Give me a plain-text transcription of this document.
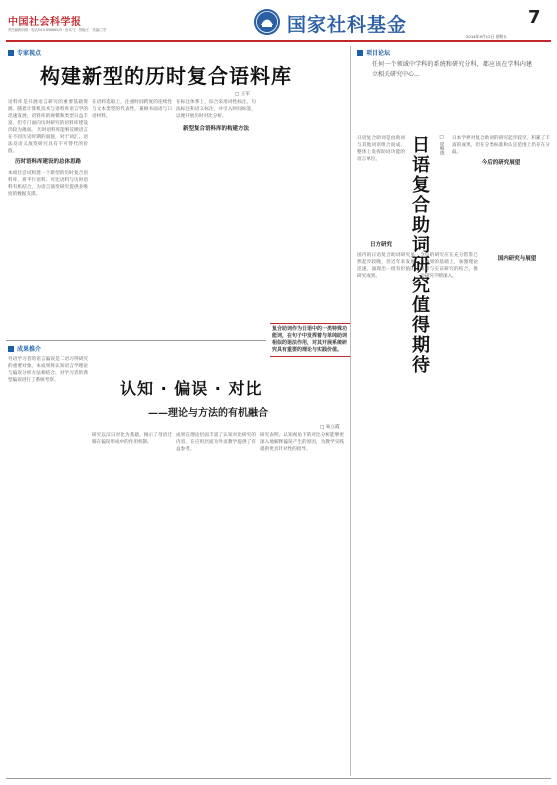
中国社会科学报
责任编辑/闫琪 · 电话/010-85886525 · 校对/王 · 排版/王 · 美编/兰亭	国家社科基金	7
2014年9月12日 星期五
专家视点
构建新型的历时复合语料库
□ 王军
语料库是开展语言研究的重要基础资源。随着计算机技术与语料库语言学的迅速发展，语料库的规模和类型日益丰富，但专门面向历时研究的语料库建设仍较为薄弱。 历时语料库能够反映语言在不同历史时期的面貌，对于词汇、语法及语义演变研究具有不可替代的价值。
历时语料库建设的总体思路
本项目尝试构建一个新型的历时复合语料库，将平行语料、可比语料与历时语料有机结合，为语言演变研究提供多维度的数据支撑。
在语料选取上，注重时间跨度的连续性与文本类型的代表性，兼顾书面语与口语材料。
在标注体系上，综合采用词性标注、句法标注和语义标注，并引入时间标签，以便开展历时对比分析。
新型复合语料库的构建方法
项目论坛
任何一个领域中学科的系统和研究分科，都应该在学科内建立相关研究中心...
日语复合助词是由助词与其他词语组合而成、整体上发挥助词功能的语言单位。	日语复合助词研究值得期待	□ 皮细庚 日本学界对复合助词的研究起步较早，积累了丰富的成果，但在分类标准和认定范围上仍存在分歧。
今后的研究展望
日方研究
国内的日语复合助词研究虽然起步较晚，但近年来发展迅速，涌现出一批有价值的研究成果。
今后的研究应在充分借鉴已有成果的基础上，加强理论探索与实证研究的结合，推动研究不断深入。
国内研究与展望
复合助词作为日语中的一类特殊功能词，在句子中发挥着与单纯助词相似的语法作用，对其开展系统研究具有重要的理论与实践价值。
成果推介
外语学习者的语言偏误是二语习得研究的重要对象。本成果将认知语言学理论与偏误分析方法相结合，对学习者的典型偏误进行了系统考察。	认知 · 偏误 · 对比
——理论与方法的有机融合
□ 朱立霞
研究以汉日对比为基础，揭示了母语迁移在偏误形成中的作用机制。
成果在理论层面丰富了认知对比研究的内容，在应用层面为外语教学提供了有益参考。
研究表明，认知视角下的对比分析能够更深入地解释偏误产生的原因，为教学实践提供更具针对性的指导。
